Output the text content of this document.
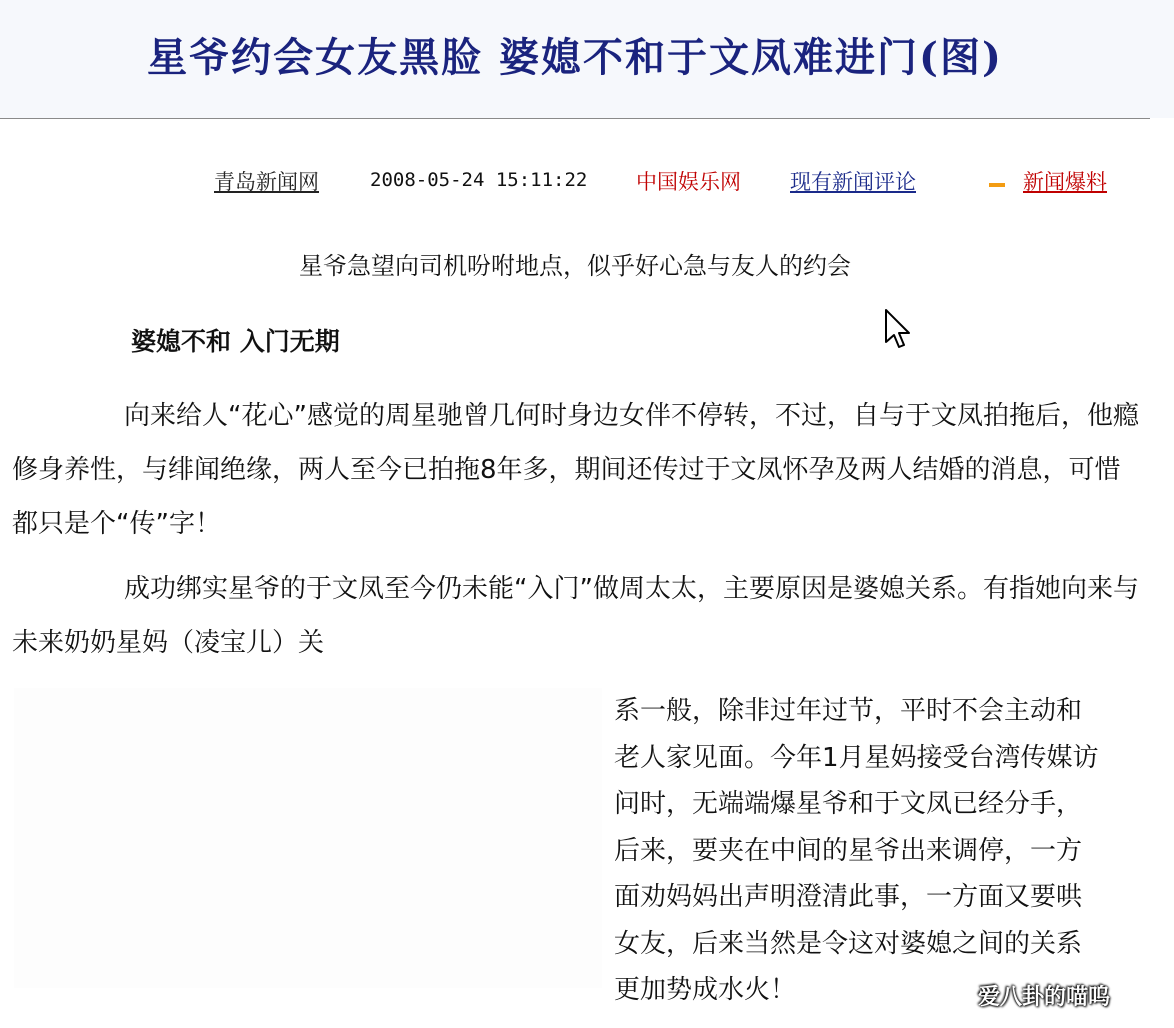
星爷约会女友黑脸 婆媳不和于文凤难进门(图)
青岛新闻网	2008-05-24 15:11:22 中国娱乐网 现有新闻评论	新闻爆料
星爷急望向司机吩咐地点，似乎好心急与友人的约会
婆媳不和 入门无期

向来给人“花心”感觉的周星驰曾几何时身边女伴不停转，不过，自与于文凤拍拖后，他瘾修身养性，与绯闻绝缘，两人至今已拍拖8年多，期间还传过于文凤怀孕及两人结婚的消息，可惜都只是个“传”字！

成功绑实星爷的于文凤至今仍未能“入门”做周太太，主要原因是婆媳关系。有指她向来与未来奶奶星妈（凌宝儿）关

系一般，除非过年过节，平时不会主动和
老人家见面。今年1月星妈接受台湾传媒访
问时，无端端爆星爷和于文凤已经分手，
后来，要夹在中间的星爷出来调停，一方
面劝妈妈出声明澄清此事，一方面又要哄
女友，后来当然是令这对婆媳之间的关系
更加势成水火！	爱八卦的喵呜
